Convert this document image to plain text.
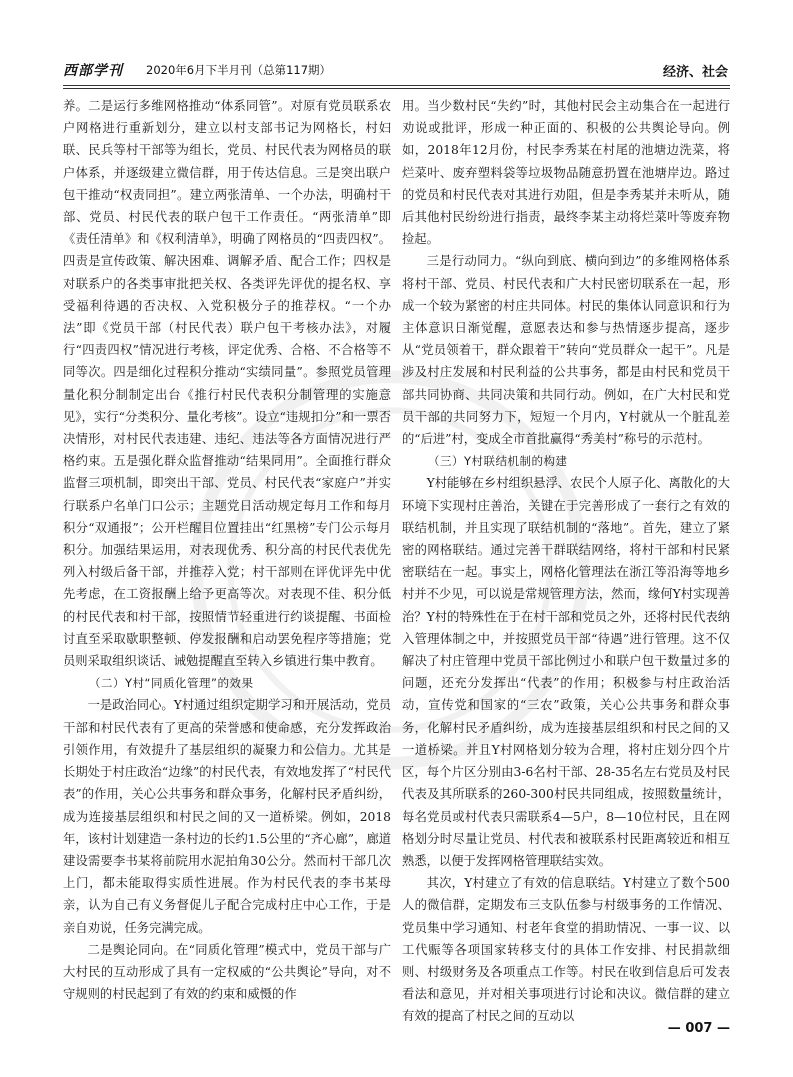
西部学刊 2020年6月下半月刊（总第117期）	经济、社会

养。二是运行多维网格推动“体系同管”。对原有党员联系农户网格进行重新划分，建立以村支部书记为网格长，村妇联、民兵等村干部等为组长，党员、村民代表为网格员的联户体系，并逐级建立微信群，用于传达信息。三是突出联户包干推动“权责同担”。建立两张清单、一个办法，明确村干部、党员、村民代表的联户包干工作责任。“两张清单”即《责任清单》和《权利清单》，明确了网格员的“四责四权”。四责是宣传政策、解决困难、调解矛盾、配合工作；四权是对联系户的各类事审批把关权、各类评先评优的提名权、享受福利待遇的否决权、入党积极分子的推荐权。“一个办法”即《党员干部（村民代表）联户包干考核办法》，对履行“四责四权”情况进行考核，评定优秀、合格、不合格等不同等次。四是细化过程积分推动“实绩同量”。参照党员管理量化积分制制定出台《推行村民代表积分制管理的实施意见》，实行“分类积分、量化考核”。设立“违规扣分”和一票否决情形，对村民代表违建、违纪、违法等各方面情况进行严格约束。五是强化群众监督推动“结果同用”。全面推行群众监督三项机制，即突出干部、党员、村民代表“家庭户”并实行联系户名单门口公示；主题党日活动规定每月工作和每月积分“双通报”；公开栏醒目位置挂出“红黑榜”专门公示每月积分。加强结果运用，对表现优秀、积分高的村民代表优先列入村级后备干部，并推荐入党；村干部则在评优评先中优先考虑，在工资报酬上给予更高等次。对表现不佳、积分低的村民代表和村干部，按照情节轻重进行约谈提醒、书面检讨直至采取歇职整顿、停发报酬和启动罢免程序等措施；党员则采取组织谈话、诫勉提醒直至转入乡镇进行集中教育。

（二）Y村“同质化管理”的效果

一是政治同心。Y村通过组织定期学习和开展活动，党员干部和村民代表有了更高的荣誉感和使命感，充分发挥政治引领作用，有效提升了基层组织的凝聚力和公信力。尤其是长期处于村庄政治“边缘”的村民代表，有效地发挥了“村民代表”的作用，关心公共事务和群众事务，化解村民矛盾纠纷，成为连接基层组织和村民之间的又一道桥梁。例如，2018年，该村计划建造一条村边的长约1.5公里的“齐心廊”，廊道建设需要李书某将前院用水泥拍角30公分。然而村干部几次上门，都未能取得实质性进展。作为村民代表的李书某母亲，认为自己有义务督促儿子配合完成村庄中心工作，于是亲自劝说，任务完满完成。

二是舆论同向。在“同质化管理”模式中，党员干部与广大村民的互动形成了具有一定权威的“公共舆论”导向，对不守规则的村民起到了有效的约束和威慑的作

用。当少数村民“失约”时，其他村民会主动集合在一起进行劝说或批评，形成一种正面的、积极的公共舆论导向。例如，2018年12月份，村民李秀某在村尾的池塘边洗菜，将烂菜叶、废弃塑料袋等垃圾物品随意扔置在池塘岸边。路过的党员和村民代表对其进行劝阻，但是李秀某并未听从，随后其他村民纷纷进行指责，最终李某主动将烂菜叶等废弃物捡起。

三是行动同力。“纵向到底、横向到边”的多维网格体系将村干部、党员、村民代表和广大村民密切联系在一起，形成一个较为紧密的村庄共同体。村民的集体认同意识和行为主体意识日渐觉醒，意愿表达和参与热情逐步提高，逐步从“党员领着干，群众跟着干”转向“党员群众一起干”。凡是涉及村庄发展和村民利益的公共事务，都是由村民和党员干部共同协商、共同决策和共同行动。例如，在广大村民和党员干部的共同努力下，短短一个月内，Y村就从一个脏乱差的“后进”村，变成全市首批赢得“秀美村”称号的示范村。

（三）Y村联结机制的构建

Y村能够在乡村组织悬浮、农民个人原子化、离散化的大环境下实现村庄善治，关键在于完善形成了一套行之有效的联结机制，并且实现了联结机制的“落地”。首先，建立了紧密的网格联结。通过完善干群联结网络，将村干部和村民紧密联结在一起。事实上，网格化管理法在浙江等沿海等地乡村并不少见，可以说是常规管理方法，然而，缘何Y村实现善治？Y村的特殊性在于在村干部和党员之外，还将村民代表纳入管理体制之中，并按照党员干部“待遇”进行管理。这不仅解决了村庄管理中党员干部比例过小和联户包干数量过多的问题，还充分发挥出“代表”的作用；积极参与村庄政治活动，宣传党和国家的“三农”政策，关心公共事务和群众事务，化解村民矛盾纠纷，成为连接基层组织和村民之间的又一道桥梁。并且Y村网格划分较为合理，将村庄划分四个片区，每个片区分别由3-6名村干部、28-35名左右党员及村民代表及其所联系的260-300村民共同组成，按照数量统计，每名党员或村代表只需联系4—5户，8—10位村民，且在网格划分时尽量让党员、村代表和被联系村民距离较近和相互熟悉，以便于发挥网格管理联结实效。

其次，Y村建立了有效的信息联结。Y村建立了数个500人的微信群，定期发布三支队伍参与村级事务的工作情况、党员集中学习通知、村老年食堂的捐助情况、一事一议、以工代赈等各项国家转移支付的具体工作安排、村民捐款细则、村级财务及各项重点工作等。村民在收到信息后可发表看法和意见，并对相关事项进行讨论和决议。微信群的建立有效的提高了村民之间的互动以

— 007 —
